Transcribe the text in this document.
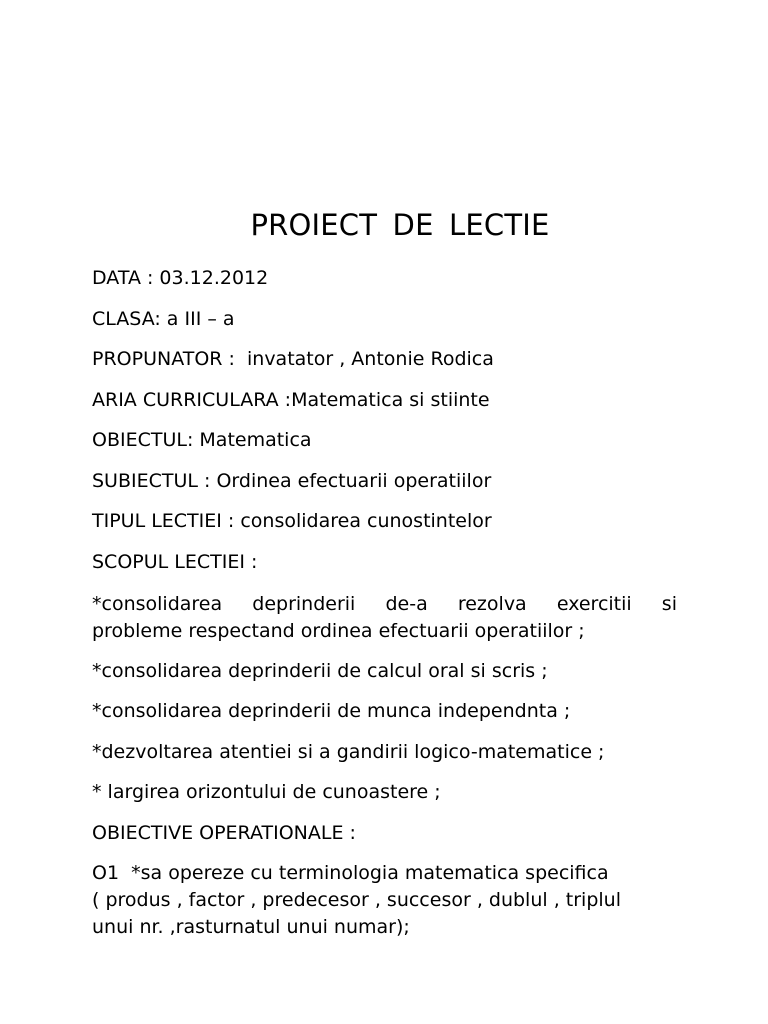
PROIECT DE LECTIE
DATA : 03.12.2012
CLASA: a III – a
PROPUNATOR :  invatator , Antonie Rodica
ARIA CURRICULARA :Matematica si stiinte
OBIECTUL: Matematica
SUBIECTUL : Ordinea efectuarii operatiilor
TIPUL LECTIEI : consolidarea cunostintelor
SCOPUL LECTIEI :
*consolidarea deprinderii de-a rezolva exercitii si
probleme respectand ordinea efectuarii operatiilor ;
*consolidarea deprinderii de calcul oral si scris ;
*consolidarea deprinderii de munca independnta ;
*dezvoltarea atentiei si a gandirii logico-matematice ;
* largirea orizontului de cunoastere ;
OBIECTIVE OPERATIONALE :
O1  *sa opereze cu terminologia matematica specifica
( produs , factor , predecesor , succesor , dublul , triplul
unui nr. ,rasturnatul unui numar);
